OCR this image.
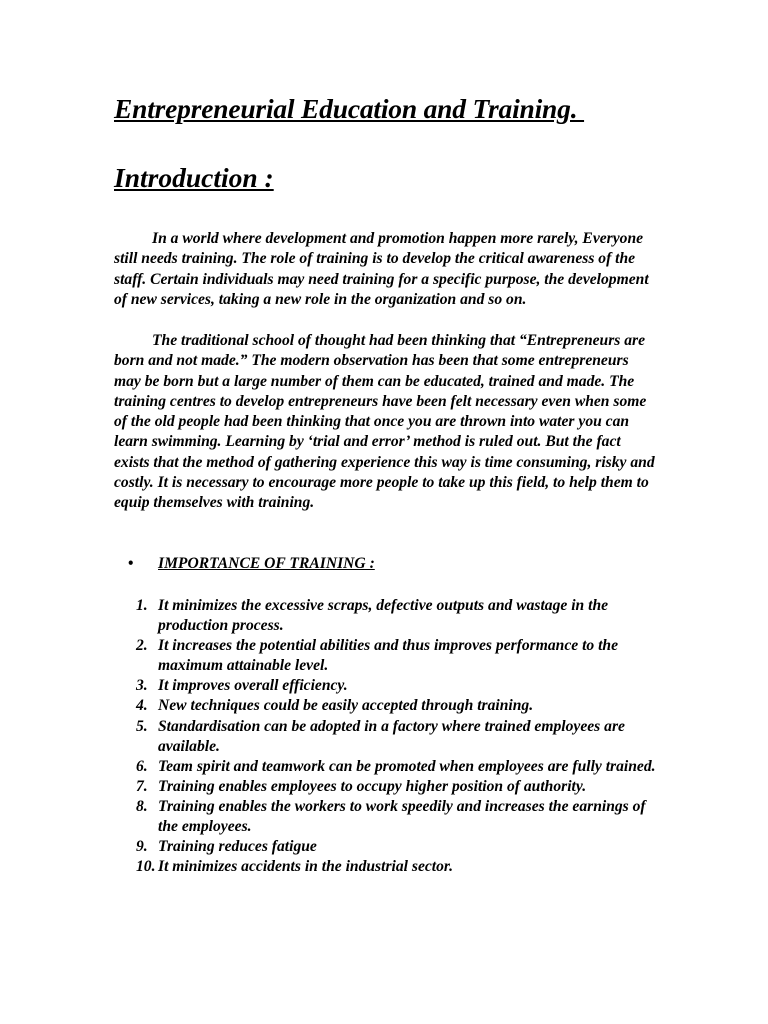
Entrepreneurial Education and Training.
Introduction :

In a world where development and promotion happen more rarely, Everyone still needs training. The role of training is to develop the critical awareness of the staff. Certain individuals may need training for a specific purpose, the development of new services, taking a new role in the organization and so on.

The traditional school of thought had been thinking that “Entrepreneurs are born and not made.” The modern observation has been that some entrepreneurs may be born but a large number of them can be educated, trained and made. The training centres to develop entrepreneurs have been felt necessary even when some of the old people had been thinking that once you are thrown into water you can learn swimming. Learning by ‘trial and error’ method is ruled out. But the fact exists that the method of gathering experience this way is time consuming, risky and costly. It is necessary to encourage more people to take up this field, to help them to equip themselves with training.

• IMPORTANCE OF TRAINING :

1. It minimizes the excessive scraps, defective outputs and wastage in the production process.
2. It increases the potential abilities and thus improves performance to the maximum attainable level.
3. It improves overall efficiency.
4. New techniques could be easily accepted through training.
5. Standardisation can be adopted in a factory where trained employees are available.
6. Team spirit and teamwork can be promoted when employees are fully trained.
7. Training enables employees to occupy higher position of authority.
8. Training enables the workers to work speedily and increases the earnings of the employees.
9. Training reduces fatigue
10. It minimizes accidents in the industrial sector.
